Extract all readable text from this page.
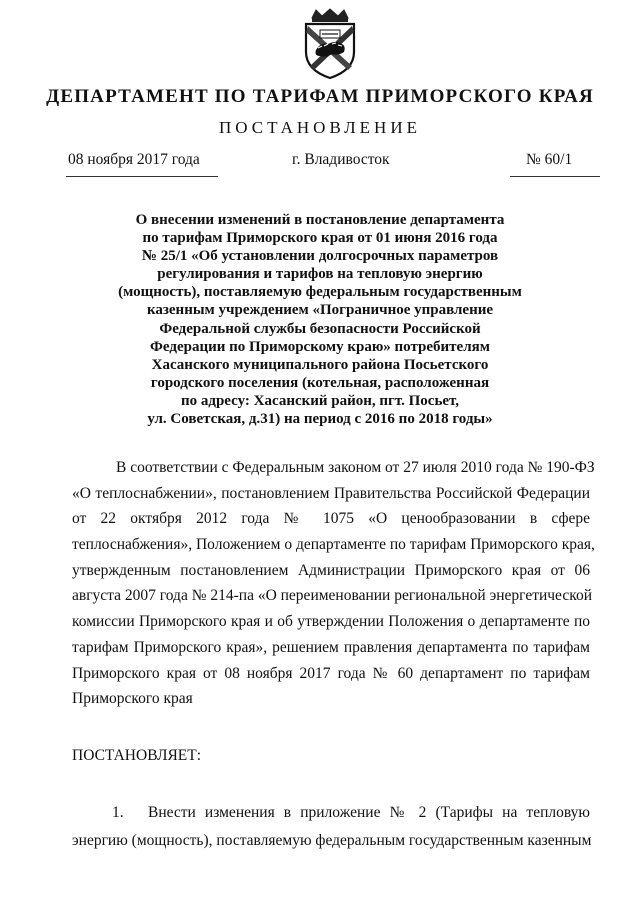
ДЕПАРТАМЕНТ ПО ТАРИФАМ ПРИМОРСКОГО КРАЯ
ПОСТАНОВЛЕНИЕ
08 ноября 2017 года	г. Владивосток	№ 60/1
О внесении изменений в постановление департамента
по тарифам Приморского края от 01 июня 2016 года
№ 25/1 «Об установлении долгосрочных параметров
регулирования и тарифов на тепловую энергию
(мощность), поставляемую федеральным государственным
казенным учреждением «Пограничное управление
Федеральной службы безопасности Российской
Федерации по Приморскому краю» потребителям
Хасанского муниципального района Посьетского
городского поселения (котельная, расположенная
по адресу: Хасанский район, пгт. Посьет,
ул. Советская, д.31) на период с 2016 по 2018 годы»
В соответствии с Федеральным законом от 27 июля 2010 года № 190-ФЗ
«О теплоснабжении», постановлением Правительства Российской Федерации
от 22 октября 2012 года № 1075 «О ценообразовании в сфере
теплоснабжения», Положением о департаменте по тарифам Приморского края,
утвержденным постановлением Администрации Приморского края от 06
августа 2007 года № 214-па «О переименовании региональной энергетической
комиссии Приморского края и об утверждении Положения о департаменте по
тарифам Приморского края», решением правления департамента по тарифам
Приморского края от 08 ноября 2017 года № 60 департамент по тарифам
Приморского края
ПОСТАНОВЛЯЕТ:
1. Внести изменения в приложение № 2 (Тарифы на тепловую
энергию (мощность), поставляемую федеральным государственным казенным
